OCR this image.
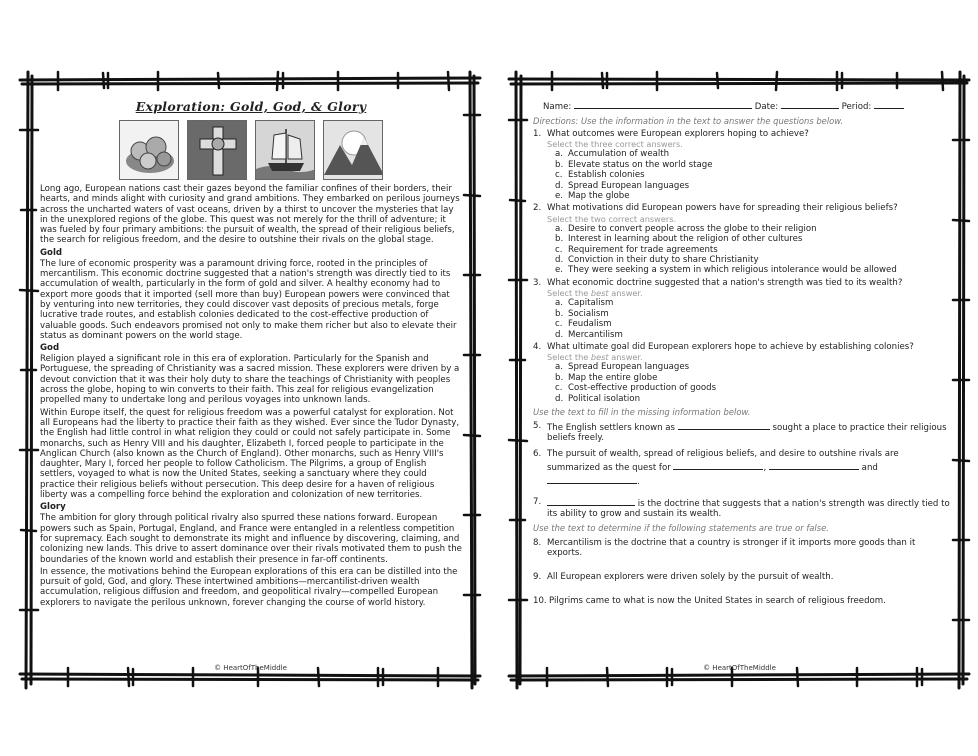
Exploration: Gold, God, & Glory

Long ago, European nations cast their gazes beyond the familiar confines of their borders, their hearts, and minds alight with curiosity and grand ambitions. They embarked on perilous journeys across the uncharted waters of vast oceans, driven by a thirst to uncover the mysteries that lay in the unexplored regions of the globe. This quest was not merely for the thrill of adventure; it was fueled by four primary ambitions: the pursuit of wealth, the spread of their religious beliefs, the search for religious freedom, and the desire to outshine their rivals on the global stage.

Gold

The lure of economic prosperity was a paramount driving force, rooted in the principles of mercantilism. This economic doctrine suggested that a nation's strength was directly tied to its accumulation of wealth, particularly in the form of gold and silver. A healthy economy had to export more goods that it imported (sell more than buy) European powers were convinced that by venturing into new territories, they could discover vast deposits of precious metals, forge lucrative trade routes, and establish colonies dedicated to the cost-effective production of valuable goods. Such endeavors promised not only to make them richer but also to elevate their status as dominant powers on the world stage.

God

Religion played a significant role in this era of exploration. Particularly for the Spanish and Portuguese, the spreading of Christianity was a sacred mission. These explorers were driven by a devout conviction that it was their holy duty to share the teachings of Christianity with peoples across the globe, hoping to win converts to their faith. This zeal for religious evangelization propelled many to undertake long and perilous voyages into unknown lands.

Within Europe itself, the quest for religious freedom was a powerful catalyst for exploration. Not all Europeans had the liberty to practice their faith as they wished. Ever since the Tudor Dynasty, the English had little control in what religion they could or could not safely participate in. Some monarchs, such as Henry VIII and his daughter, Elizabeth I, forced people to participate in the Anglican Church (also known as the Church of England). Other monarchs, such as Henry VIII's daughter, Mary I, forced her people to follow Catholicism. The Pilgrims, a group of English settlers, voyaged to what is now the United States, seeking a sanctuary where they could practice their religious beliefs without persecution. This deep desire for a haven of religious liberty was a compelling force behind the exploration and colonization of new territories.

Glory

The ambition for glory through political rivalry also spurred these nations forward. European powers such as Spain, Portugal, England, and France were entangled in a relentless competition for supremacy. Each sought to demonstrate its might and influence by discovering, claiming, and colonizing new lands. This drive to assert dominance over their rivals motivated them to push the boundaries of the known world and establish their presence in far-off continents.

In essence, the motivations behind the European explorations of this era can be distilled into the pursuit of gold, God, and glory. These intertwined ambitions—mercantilist-driven wealth accumulation, religious diffusion and freedom, and geopolitical rivalry—compelled European explorers to navigate the perilous unknown, forever changing the course of world history.

© HeartOfTheMiddle
Name:	Date:	Period:
Directions: Use the information in the text to answer the questions below.
1. What outcomes were European explorers hoping to achieve?
Select the three correct answers.
a. Accumulation of wealth
b. Elevate status on the world stage
c. Establish colonies
d. Spread European languages
e. Map the globe
2. What motivations did European powers have for spreading their religious beliefs?
Select the two correct answers.
a. Desire to convert people across the globe to their religion
b. Interest in learning about the religion of other cultures
c. Requirement for trade agreements
d. Conviction in their duty to share Christianity
e. They were seeking a system in which religious intolerance would be allowed
3. What economic doctrine suggested that a nation's strength was tied to its wealth?
Select the best answer.
a. Capitalism
b. Socialism
c. Feudalism
d. Mercantilism
4. What ultimate goal did European explorers hope to achieve by establishing colonies?
Select the best answer.
a. Spread European languages
b. Map the entire globe
c. Cost-effective production of goods
d. Political isolation
Use the text to fill in the missing information below.
5. The English settlers known as	sought a place to practice their religious beliefs freely.
6. The pursuit of wealth, spread of religious beliefs, and desire to outshine rivals are summarized as the quest for	,	and .
7.	is the doctrine that suggests that a nation's strength was directly tied to its ability to grow and sustain its wealth.
Use the text to determine if the following statements are true or false.
8. Mercantilism is the doctrine that a country is stronger if it imports more goods than it exports.
9. All European explorers were driven solely by the pursuit of wealth.
10. Pilgrims came to what is now the United States in search of religious freedom.
© HeartOfTheMiddle
